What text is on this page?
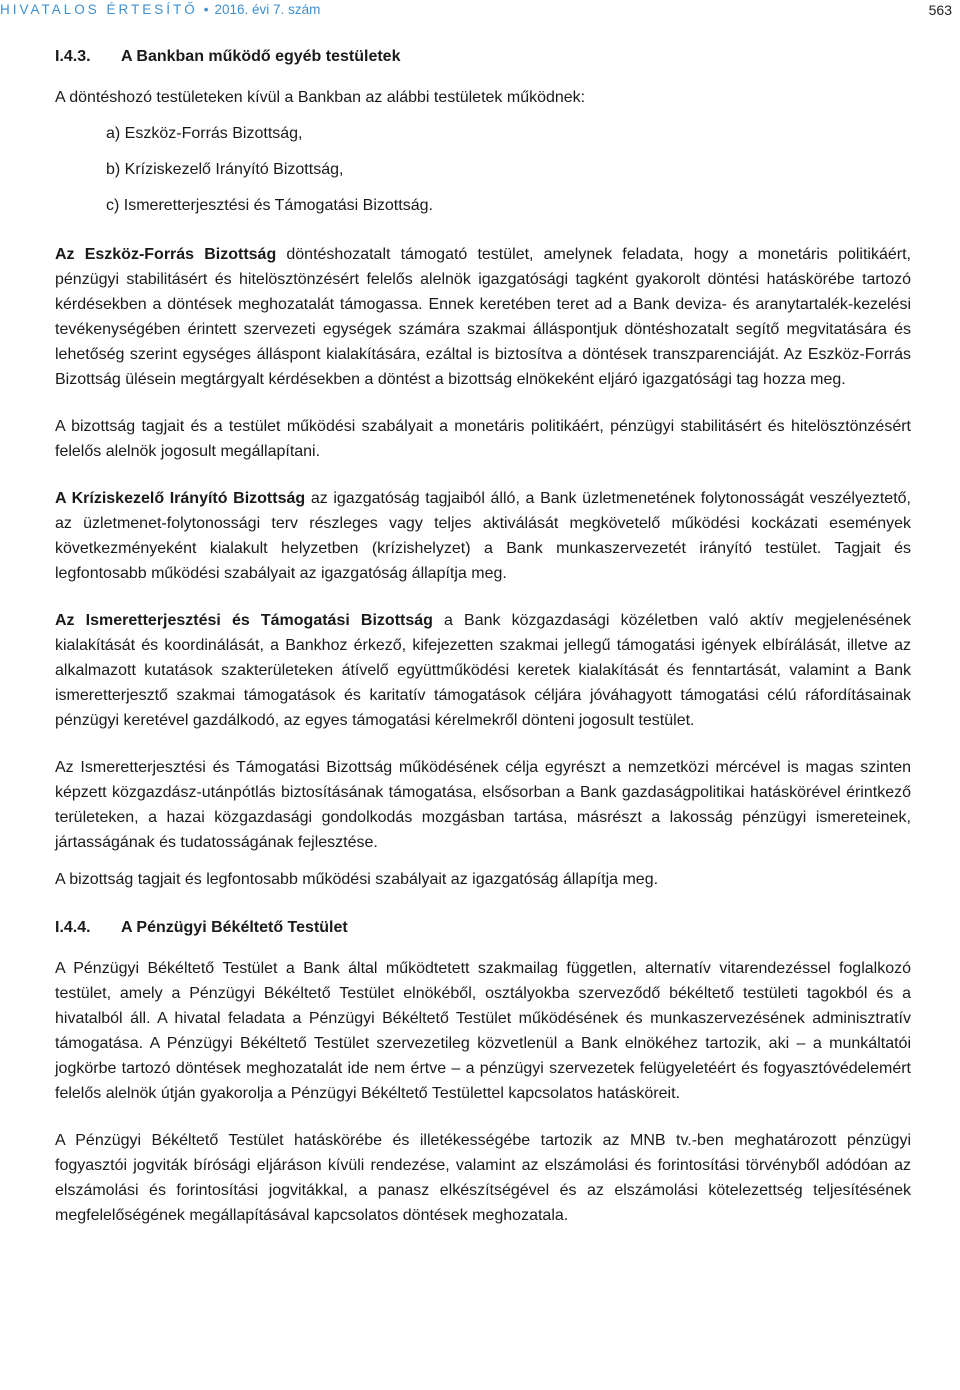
HIVATALOS ÉRTESÍTŐ • 2016. évi 7. szám	563
I.4.3.	A Bankban működő egyéb testületek

A döntéshozó testületeken kívül a Bankban az alábbi testületek működnek:

a) Eszköz-Forrás Bizottság,
b) Kríziskezelő Irányító Bizottság,
c) Ismeretterjesztési és Támogatási Bizottság.

Az Eszköz-Forrás Bizottság döntéshozatalt támogató testület, amelynek feladata, hogy a monetáris politikáért, pénzügyi stabilitásért és hitelösztönzésért felelős alelnök igazgatósági tagként gyakorolt döntési hatáskörébe tartozó kérdésekben a döntések meghozatalát támogassa. Ennek keretében teret ad a Bank deviza- és aranytartalék-kezelési tevékenységében érintett szervezeti egységek számára szakmai álláspontjuk döntéshozatalt segítő megvitatására és lehetőség szerint egységes álláspont kialakítására, ezáltal is biztosítva a döntések transzparenciáját. Az Eszköz-Forrás Bizottság ülésein megtárgyalt kérdésekben a döntést a bizottság elnökeként eljáró igazgatósági tag hozza meg.

A bizottság tagjait és a testület működési szabályait a monetáris politikáért, pénzügyi stabilitásért és hitelösztönzésért felelős alelnök jogosult megállapítani.

A Kríziskezelő Irányító Bizottság az igazgatóság tagjaiból álló, a Bank üzletmenetének folytonosságát veszélyeztető, az üzletmenet-folytonossági terv részleges vagy teljes aktiválását megkövetelő működési kockázati események következményeként kialakult helyzetben (krízishelyzet) a Bank munkaszervezetét irányító testület. Tagjait és legfontosabb működési szabályait az igazgatóság állapítja meg.

Az Ismeretterjesztési és Támogatási Bizottság a Bank közgazdasági közéletben való aktív megjelenésének kialakítását és koordinálását, a Bankhoz érkező, kifejezetten szakmai jellegű támogatási igények elbírálását, illetve az alkalmazott kutatások szakterületeken átívelő együttműködési keretek kialakítását és fenntartását, valamint a Bank ismeretterjesztő szakmai támogatások és karitatív támogatások céljára jóváhagyott támogatási célú ráfordításainak pénzügyi keretével gazdálkodó, az egyes támogatási kérelmekről dönteni jogosult testület.

Az Ismeretterjesztési és Támogatási Bizottság működésének célja egyrészt a nemzetközi mércével is magas szinten képzett közgazdász-utánpótlás biztosításának támogatása, elsősorban a Bank gazdaságpolitikai hatáskörével érintkező területeken, a hazai közgazdasági gondolkodás mozgásban tartása, másrészt a lakosság pénzügyi ismereteinek, jártasságának és tudatosságának fejlesztése.

A bizottság tagjait és legfontosabb működési szabályait az igazgatóság állapítja meg.

I.4.4.	A Pénzügyi Békéltető Testület

A Pénzügyi Békéltető Testület a Bank által működtetett szakmailag független, alternatív vitarendezéssel foglalkozó testület, amely a Pénzügyi Békéltető Testület elnökéből, osztályokba szerveződő békéltető testületi tagokból és a hivatalból áll. A hivatal feladata a Pénzügyi Békéltető Testület működésének és munkaszervezésének adminisztratív támogatása. A Pénzügyi Békéltető Testület szervezetileg közvetlenül a Bank elnökéhez tartozik, aki – a munkáltatói jogkörbe tartozó döntések meghozatalát ide nem értve – a pénzügyi szervezetek felügyeletéért és fogyasztóvédelemért felelős alelnök útján gyakorolja a Pénzügyi Békéltető Testülettel kapcsolatos hatásköreit.

A Pénzügyi Békéltető Testület hatáskörébe és illetékességébe tartozik az MNB tv.-ben meghatározott pénzügyi fogyasztói jogviták bírósági eljáráson kívüli rendezése, valamint az elszámolási és forintosítási törvényből adódóan az elszámolási és forintosítási jogvitákkal, a panasz elkészítségével és az elszámolási kötelezettség teljesítésének megfelelőségének megállapításával kapcsolatos döntések meghozatala.
